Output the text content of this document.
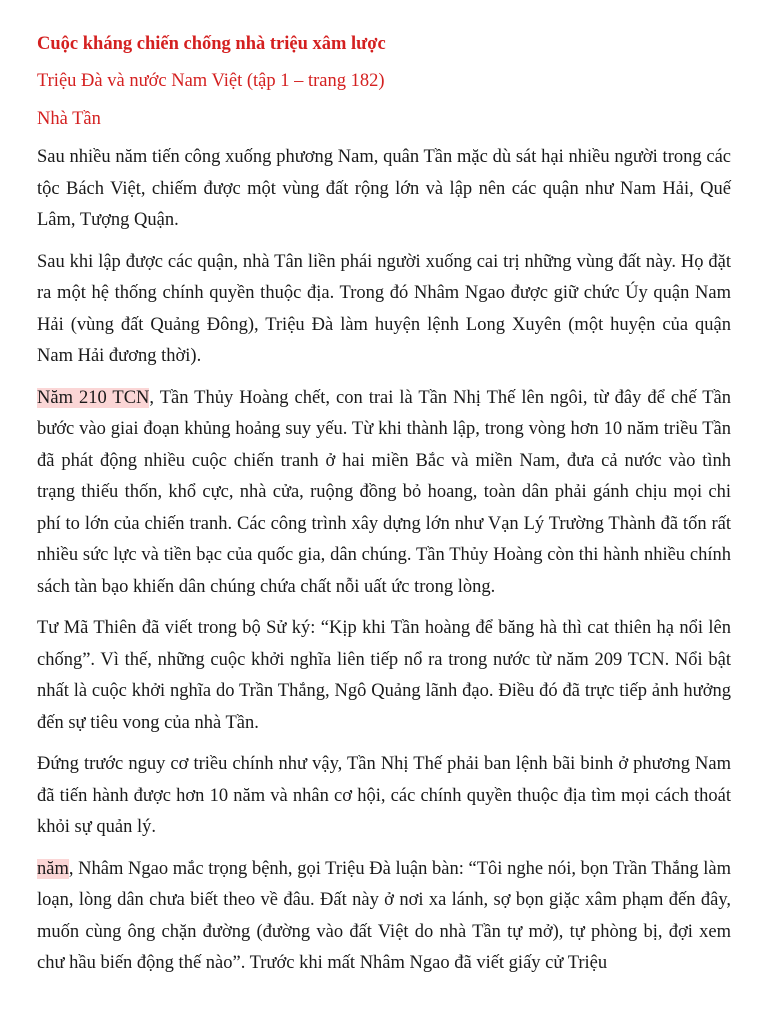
Cuộc kháng chiến chống nhà triệu xâm lược
Triệu Đà và nước Nam Việt (tập 1 – trang 182)
Nhà Tần

Sau nhiều năm tiến công xuống phương Nam, quân Tần mặc dù sát hại nhiều người trong các tộc Bách Việt, chiếm được một vùng đất rộng lớn và lập nên các quận như Nam Hải, Quế Lâm, Tượng Quận.

Sau khi lập được các quận, nhà Tân liền phái người xuống cai trị những vùng đất này. Họ đặt ra một hệ thống chính quyền thuộc địa. Trong đó Nhâm Ngao được giữ chức Úy quận Nam Hải (vùng đất Quảng Đông), Triệu Đà làm huyện lệnh Long Xuyên (một huyện của quận Nam Hải đương thời).

Năm 210 TCN, Tần Thủy Hoàng chết, con trai là Tần Nhị Thế lên ngôi, từ đây để chế Tần bước vào giai đoạn khủng hoảng suy yếu. Từ khi thành lập, trong vòng hơn 10 năm triều Tần đã phát động nhiều cuộc chiến tranh ở hai miền Bắc và miền Nam, đưa cả nước vào tình trạng thiếu thốn, khổ cực, nhà cửa, ruộng đồng bỏ hoang, toàn dân phải gánh chịu mọi chi phí to lớn của chiến tranh. Các công trình xây dựng lớn như Vạn Lý Trường Thành đã tốn rất nhiều sức lực và tiền bạc của quốc gia, dân chúng. Tần Thủy Hoàng còn thi hành nhiều chính sách tàn bạo khiến dân chúng chứa chất nỗi uất ức trong lòng.

Tư Mã Thiên đã viết trong bộ Sử ký: “Kịp khi Tần hoàng để băng hà thì cat thiên hạ nổi lên chống”. Vì thế, những cuộc khởi nghĩa liên tiếp nổ ra trong nước từ năm 209 TCN. Nổi bật nhất là cuộc khởi nghĩa do Trần Thắng, Ngô Quảng lãnh đạo. Điều đó đã trực tiếp ảnh hưởng đến sự tiêu vong của nhà Tần.

Đứng trước nguy cơ triều chính như vậy, Tần Nhị Thế phải ban lệnh bãi binh ở phương Nam đã tiến hành được hơn 10 năm và nhân cơ hội, các chính quyền thuộc địa tìm mọi cách thoát khỏi sự quản lý.

năm, Nhâm Ngao mắc trọng bệnh, gọi Triệu Đà luận bàn: “Tôi nghe nói, bọn Trần Thắng làm loạn, lòng dân chưa biết theo về đâu. Đất này ở nơi xa lánh, sợ bọn giặc xâm phạm đến đây, muốn cùng ông chặn đường (đường vào đất Việt do nhà Tần tự mở), tự phòng bị, đợi xem chư hầu biến động thế nào”. Trước khi mất Nhâm Ngao đã viết giấy cử Triệu
